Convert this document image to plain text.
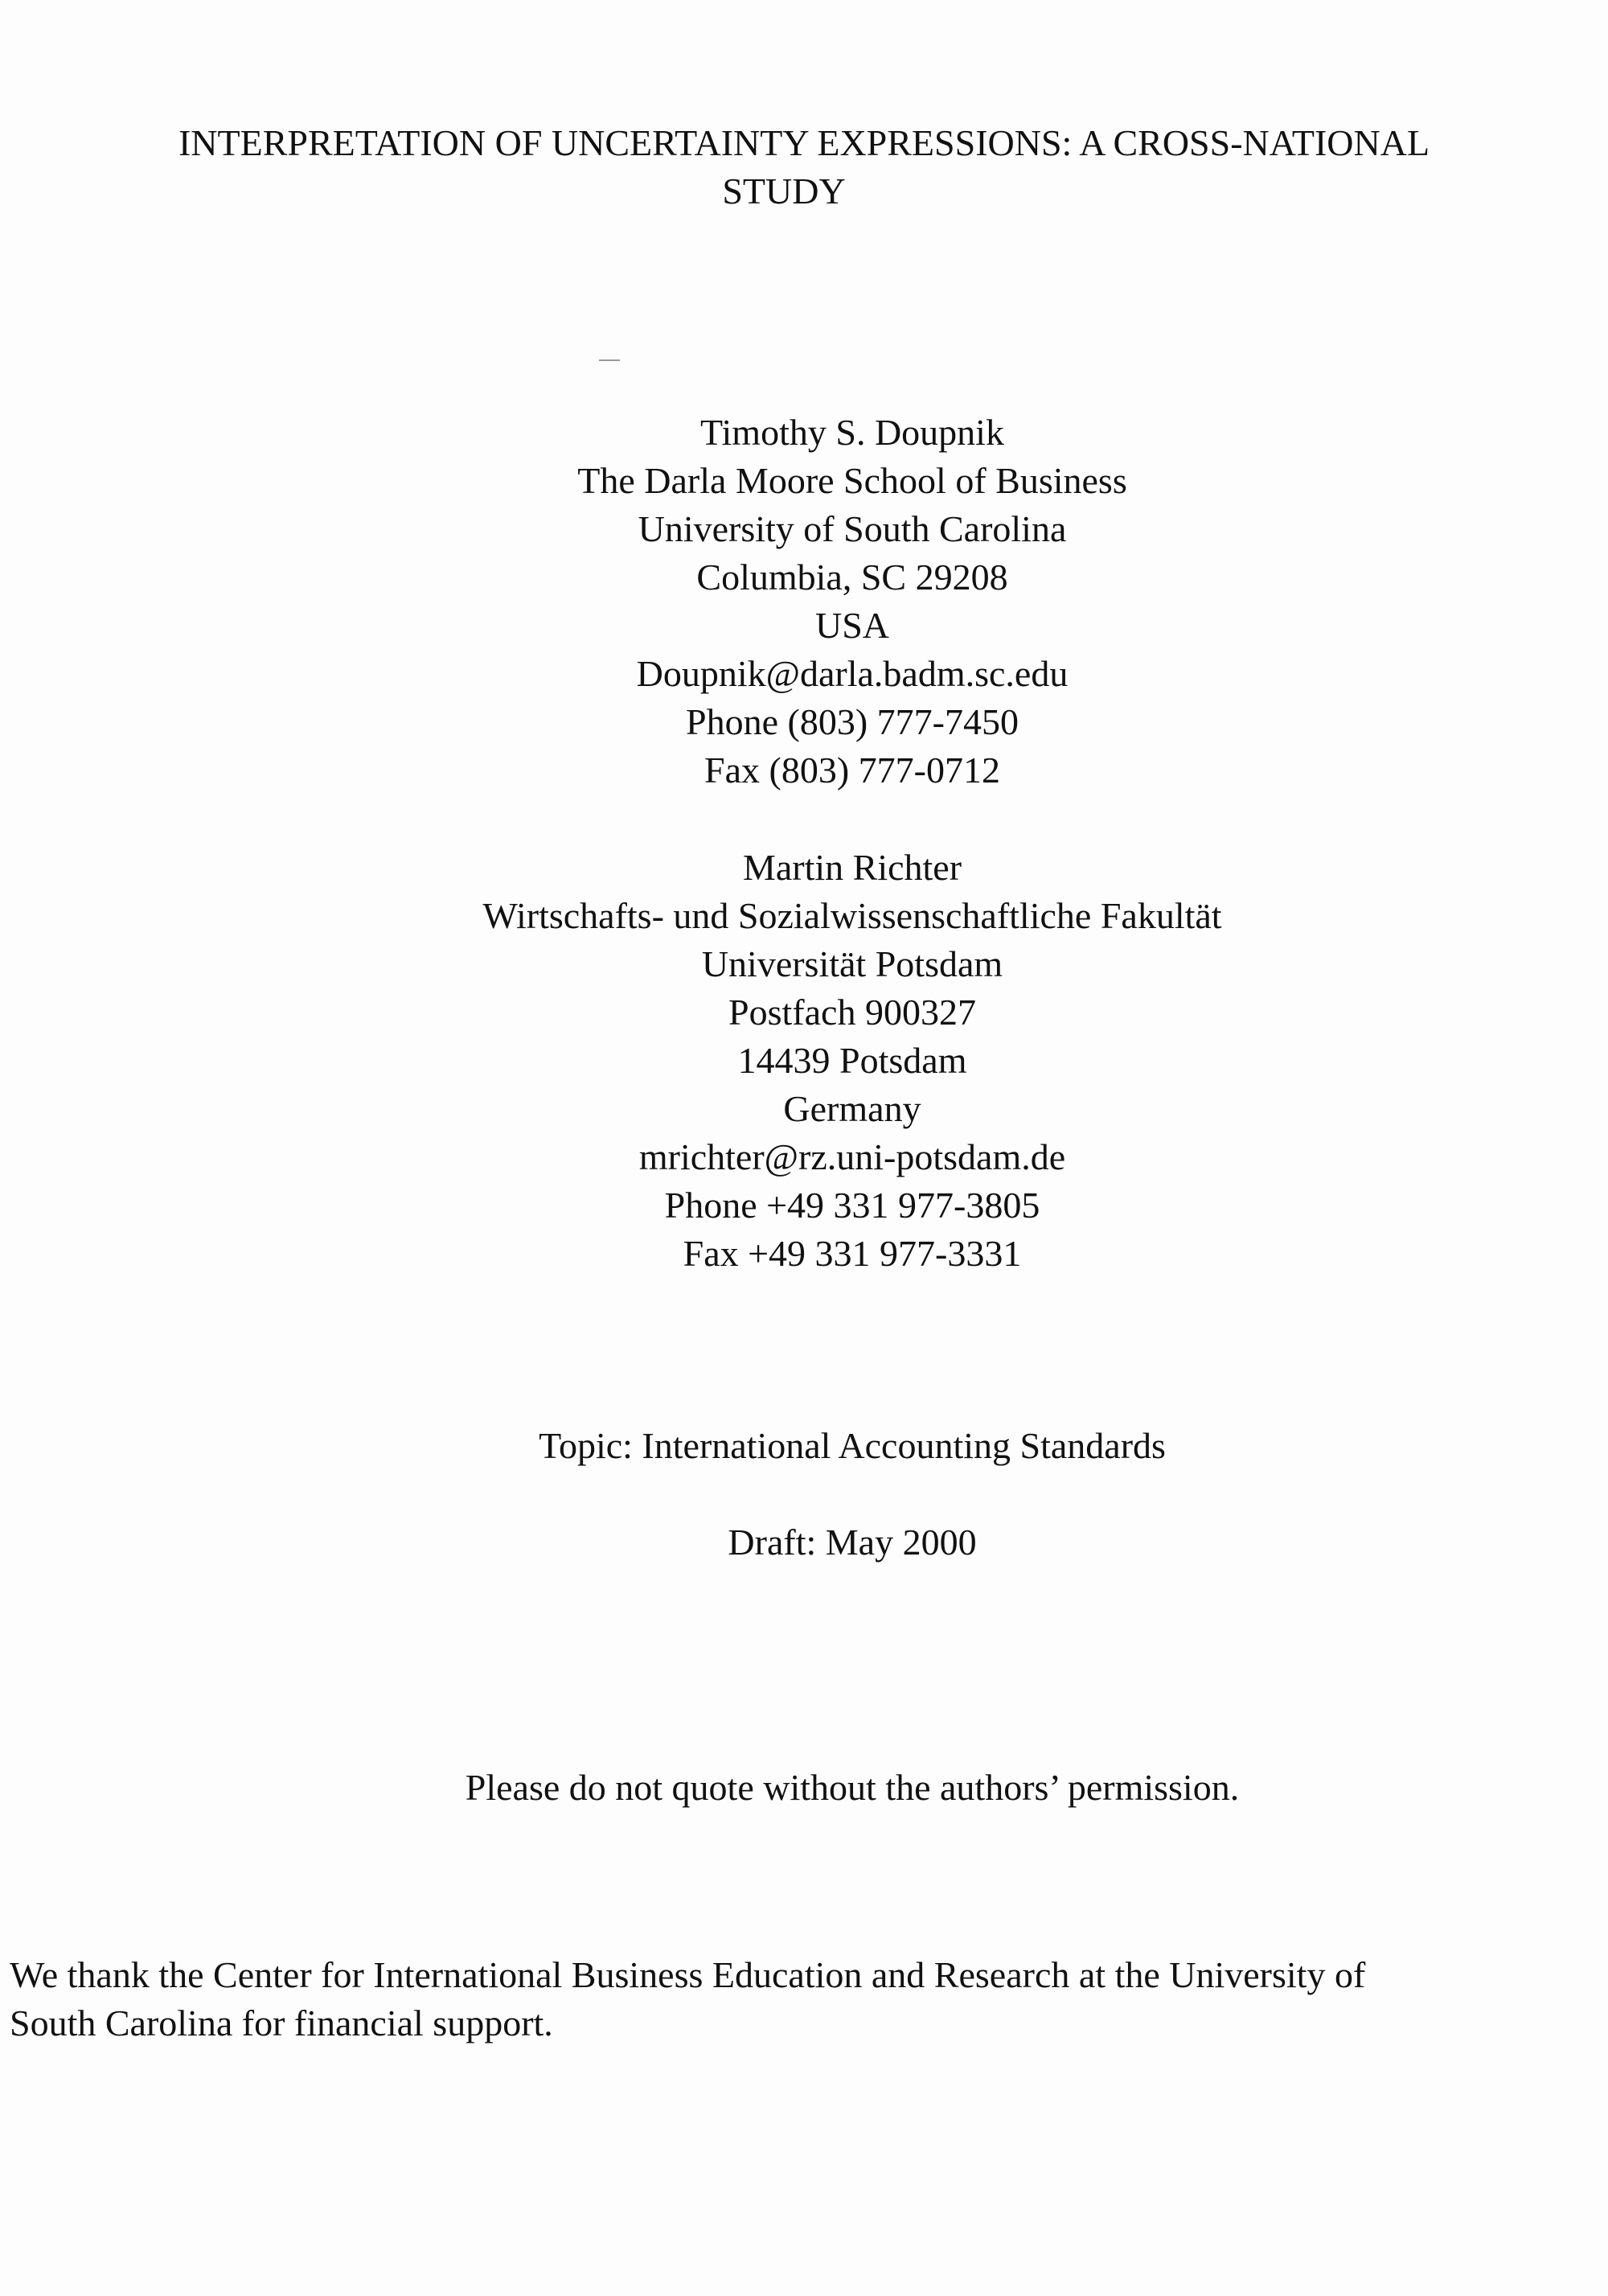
INTERPRETATION OF UNCERTAINTY EXPRESSIONS: A CROSS-NATIONAL
STUDY
Timothy S. Doupnik
The Darla Moore School of Business
University of South Carolina
Columbia, SC 29208
USA
Doupnik@darla.badm.sc.edu
Phone (803) 777-7450
Fax (803) 777-0712
Martin Richter
Wirtschafts- und Sozialwissenschaftliche Fakultät
Universität Potsdam
Postfach 900327
14439 Potsdam
Germany
mrichter@rz.uni-potsdam.de
Phone +49 331 977-3805
Fax +49 331 977-3331
Topic: International Accounting Standards
Draft: May 2000
Please do not quote without the authors’ permission.
We thank the Center for International Business Education and Research at the University of
South Carolina for financial support.
